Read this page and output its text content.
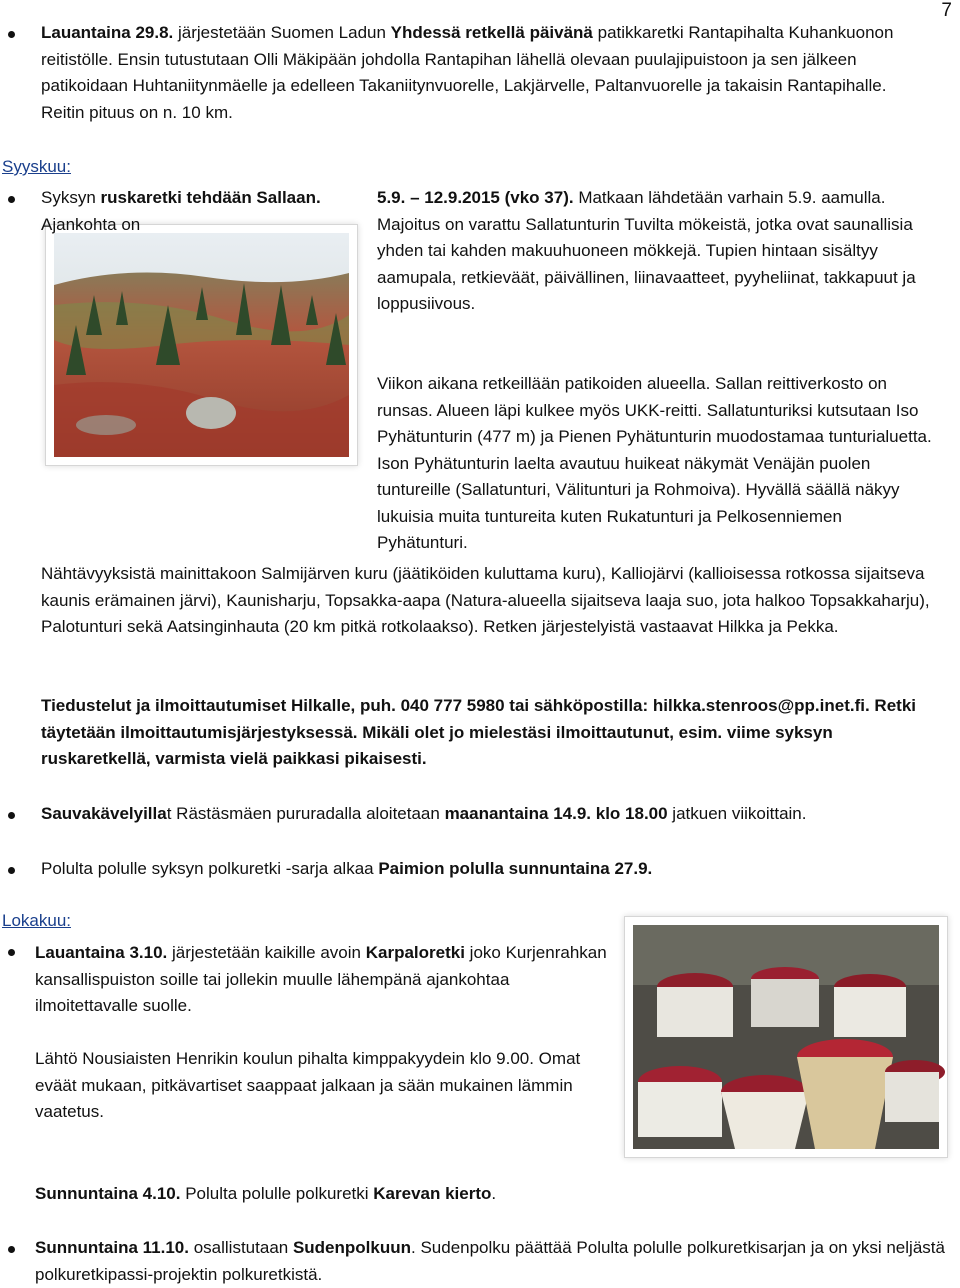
7
Lauantaina 29.8. järjestetään Suomen Ladun Yhdessä retkellä päivänä patikkaretki Rantapihalta Kuhankuonon reitistölle. Ensin tutustutaan Olli Mäkipään johdolla Rantapihan lähellä olevaan puulajipuistoon ja sen jälkeen patikoidaan Huhtaniitynmäelle ja edelleen Takaniitynvuorelle, Lakjärvelle, Paltanvuorelle ja takaisin Rantapihalle. Reitin pituus on n. 10 km.
Syyskuu:
Syksyn ruskaretki tehdään Sallaan. Ajankohta on
5.9. – 12.9.2015 (vko 37). Matkaan lähdetään varhain 5.9. aamulla. Majoitus on varattu Sallatunturin Tuvilta mökeistä, jotka ovat saunallisia yhden tai kahden makuuhuoneen mökkejä. Tupien hintaan sisältyy aamupala, retkieväät, päivällinen, liinavaatteet, pyyheliinat, takkapuut ja loppusiivous.
Viikon aikana retkeillään patikoiden alueella. Sallan reittiverkosto on runsas. Alueen läpi kulkee myös UKK-reitti. Sallatunturiksi kutsutaan Iso Pyhätunturin (477 m) ja Pienen Pyhätunturin muodostamaa tunturialuetta. Ison Pyhätunturin laelta avautuu huikeat näkymät Venäjän puolen tuntureille (Sallatunturi, Välitunturi ja Rohmoiva). Hyvällä säällä näkyy lukuisia muita tuntureita kuten Rukatunturi ja Pelkosenniemen Pyhätunturi.
Nähtävyyksistä mainittakoon Salmijärven kuru (jäätiköiden kuluttama kuru), Kalliojärvi (kallioisessa rotkossa sijaitseva kaunis erämainen järvi), Kaunisharju, Topsakka-aapa (Natura-alueella sijaitseva laaja suo, jota halkoo Topsakkaharju), Palotunturi sekä Aatsinginhauta (20 km pitkä rotkolaakso). Retken järjestelyistä vastaavat Hilkka ja Pekka.
Tiedustelut ja ilmoittautumiset Hilkalle, puh. 040 777 5980 tai sähköpostilla: hilkka.stenroos@pp.inet.fi. Retki täytetään ilmoittautumisjärjestyksessä. Mikäli olet jo mielestäsi ilmoittautunut, esim. viime syksyn ruskaretkellä, varmista vielä paikkasi pikaisesti.
Sauvakävelyillat Rästäsmäen pururadalla aloitetaan maanantaina 14.9. klo 18.00 jatkuen viikoittain.
Polulta polulle syksyn polkuretki -sarja alkaa Paimion polulla sunnuntaina 27.9.
Lokakuu:
Lauantaina 3.10. järjestetään kaikille avoin Karpaloretki joko Kurjenrahkan kansallispuiston soille tai jollekin muulle lähempänä ajankohtaa ilmoitettavalle suolle.
Lähtö Nousiaisten Henrikin koulun pihalta kimppakyydein klo 9.00. Omat eväät mukaan, pitkävartiset saappaat jalkaan ja sään mukainen lämmin vaatetus.
Sunnuntaina 4.10. Polulta polulle polkuretki Karevan kierto.
Sunnuntaina 11.10. osallistutaan Sudenpolkuun. Sudenpolku päättää Polulta polulle polkuretkisarjan ja on yksi neljästä polkuretkipassi-projektin polkuretkistä.
